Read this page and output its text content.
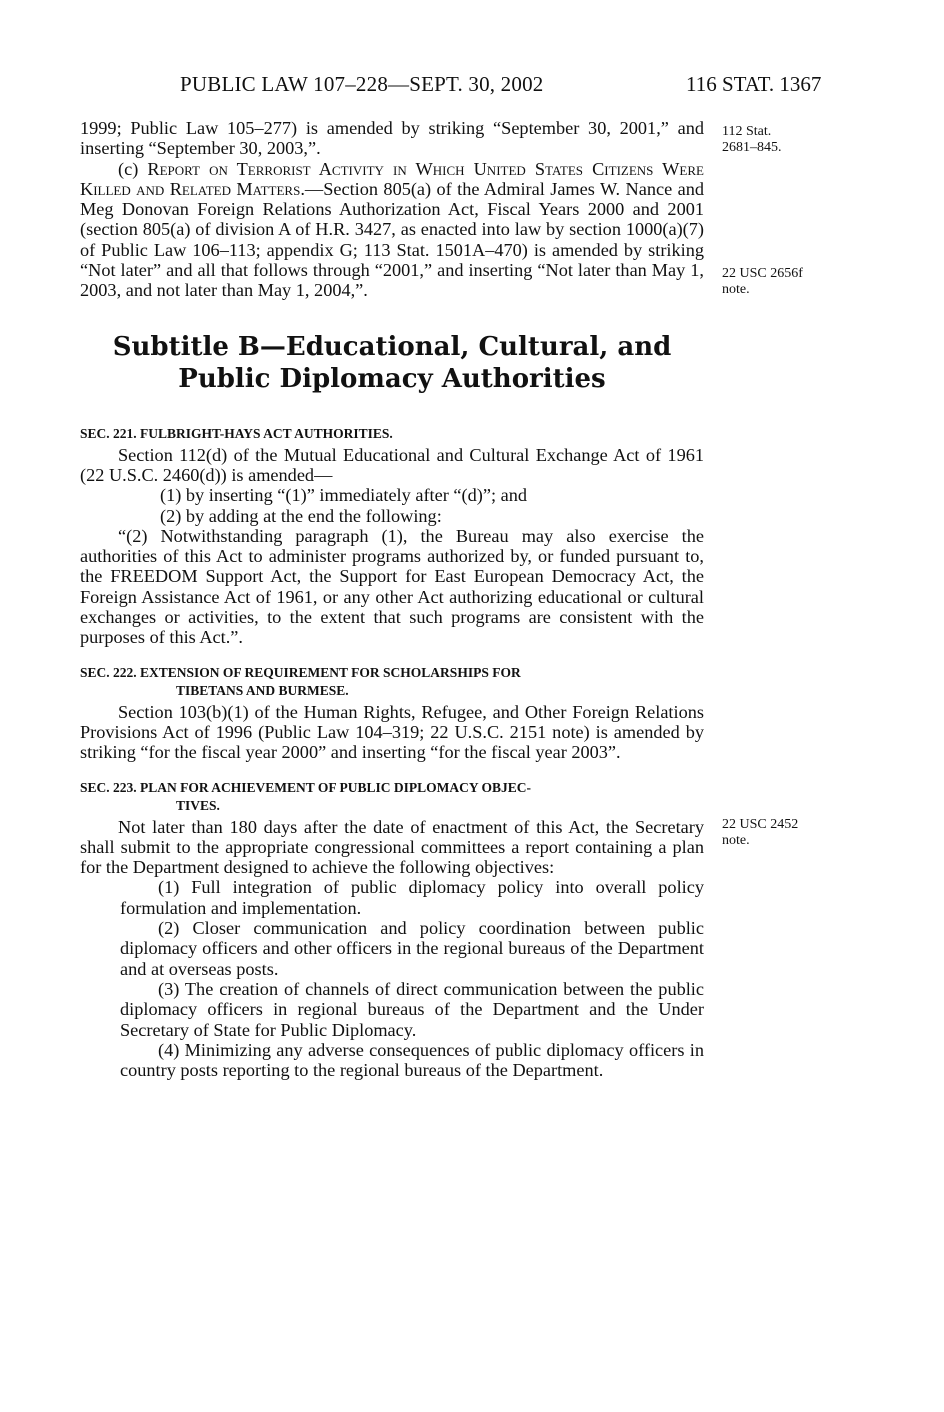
PUBLIC LAW 107–228—SEPT. 30, 2002	116 STAT. 1367
112 Stat.
2681–845.
22 USC 2656f
note.
22 USC 2452
note.

1999; Public Law 105–277) is amended by striking “September 30, 2001,” and inserting “September 30, 2003,”.

(c) Report on Terrorist Activity in Which United States Citizens Were Killed and Related Matters.—Section 805(a) of the Admiral James W. Nance and Meg Donovan Foreign Relations Authorization Act, Fiscal Years 2000 and 2001 (section 805(a) of division A of H.R. 3427, as enacted into law by section 1000(a)(7) of Public Law 106–113; appendix G; 113 Stat. 1501A–470) is amended by striking “Not later” and all that follows through “2001,” and inserting “Not later than May 1, 2003, and not later than May 1, 2004,”.

Subtitle B—Educational, Cultural, and
Public Diplomacy Authorities
SEC. 221. FULBRIGHT-HAYS ACT AUTHORITIES.

Section 112(d) of the Mutual Educational and Cultural Exchange Act of 1961 (22 U.S.C. 2460(d)) is amended—

(1) by inserting “(1)” immediately after “(d)”; and

(2) by adding at the end the following:

“(2) Notwithstanding paragraph (1), the Bureau may also exercise the authorities of this Act to administer programs authorized by, or funded pursuant to, the FREEDOM Support Act, the Support for East European Democracy Act, the Foreign Assistance Act of 1961, or any other Act authorizing educational or cultural exchanges or activities, to the extent that such programs are consistent with the purposes of this Act.”.

SEC. 222. EXTENSION OF REQUIREMENT FOR SCHOLARSHIPS FOR
TIBETANS AND BURMESE.

Section 103(b)(1) of the Human Rights, Refugee, and Other Foreign Relations Provisions Act of 1996 (Public Law 104–319; 22 U.S.C. 2151 note) is amended by striking “for the fiscal year 2000” and inserting “for the fiscal year 2003”.

SEC. 223. PLAN FOR ACHIEVEMENT OF PUBLIC DIPLOMACY OBJEC-
TIVES.

Not later than 180 days after the date of enactment of this Act, the Secretary shall submit to the appropriate congressional committees a report containing a plan for the Department designed to achieve the following objectives:

(1) Full integration of public diplomacy policy into overall policy formulation and implementation.

(2) Closer communication and policy coordination between public diplomacy officers and other officers in the regional bureaus of the Department and at overseas posts.

(3) The creation of channels of direct communication between the public diplomacy officers in regional bureaus of the Department and the Under Secretary of State for Public Diplomacy.

(4) Minimizing any adverse consequences of public diplomacy officers in country posts reporting to the regional bureaus of the Department.
